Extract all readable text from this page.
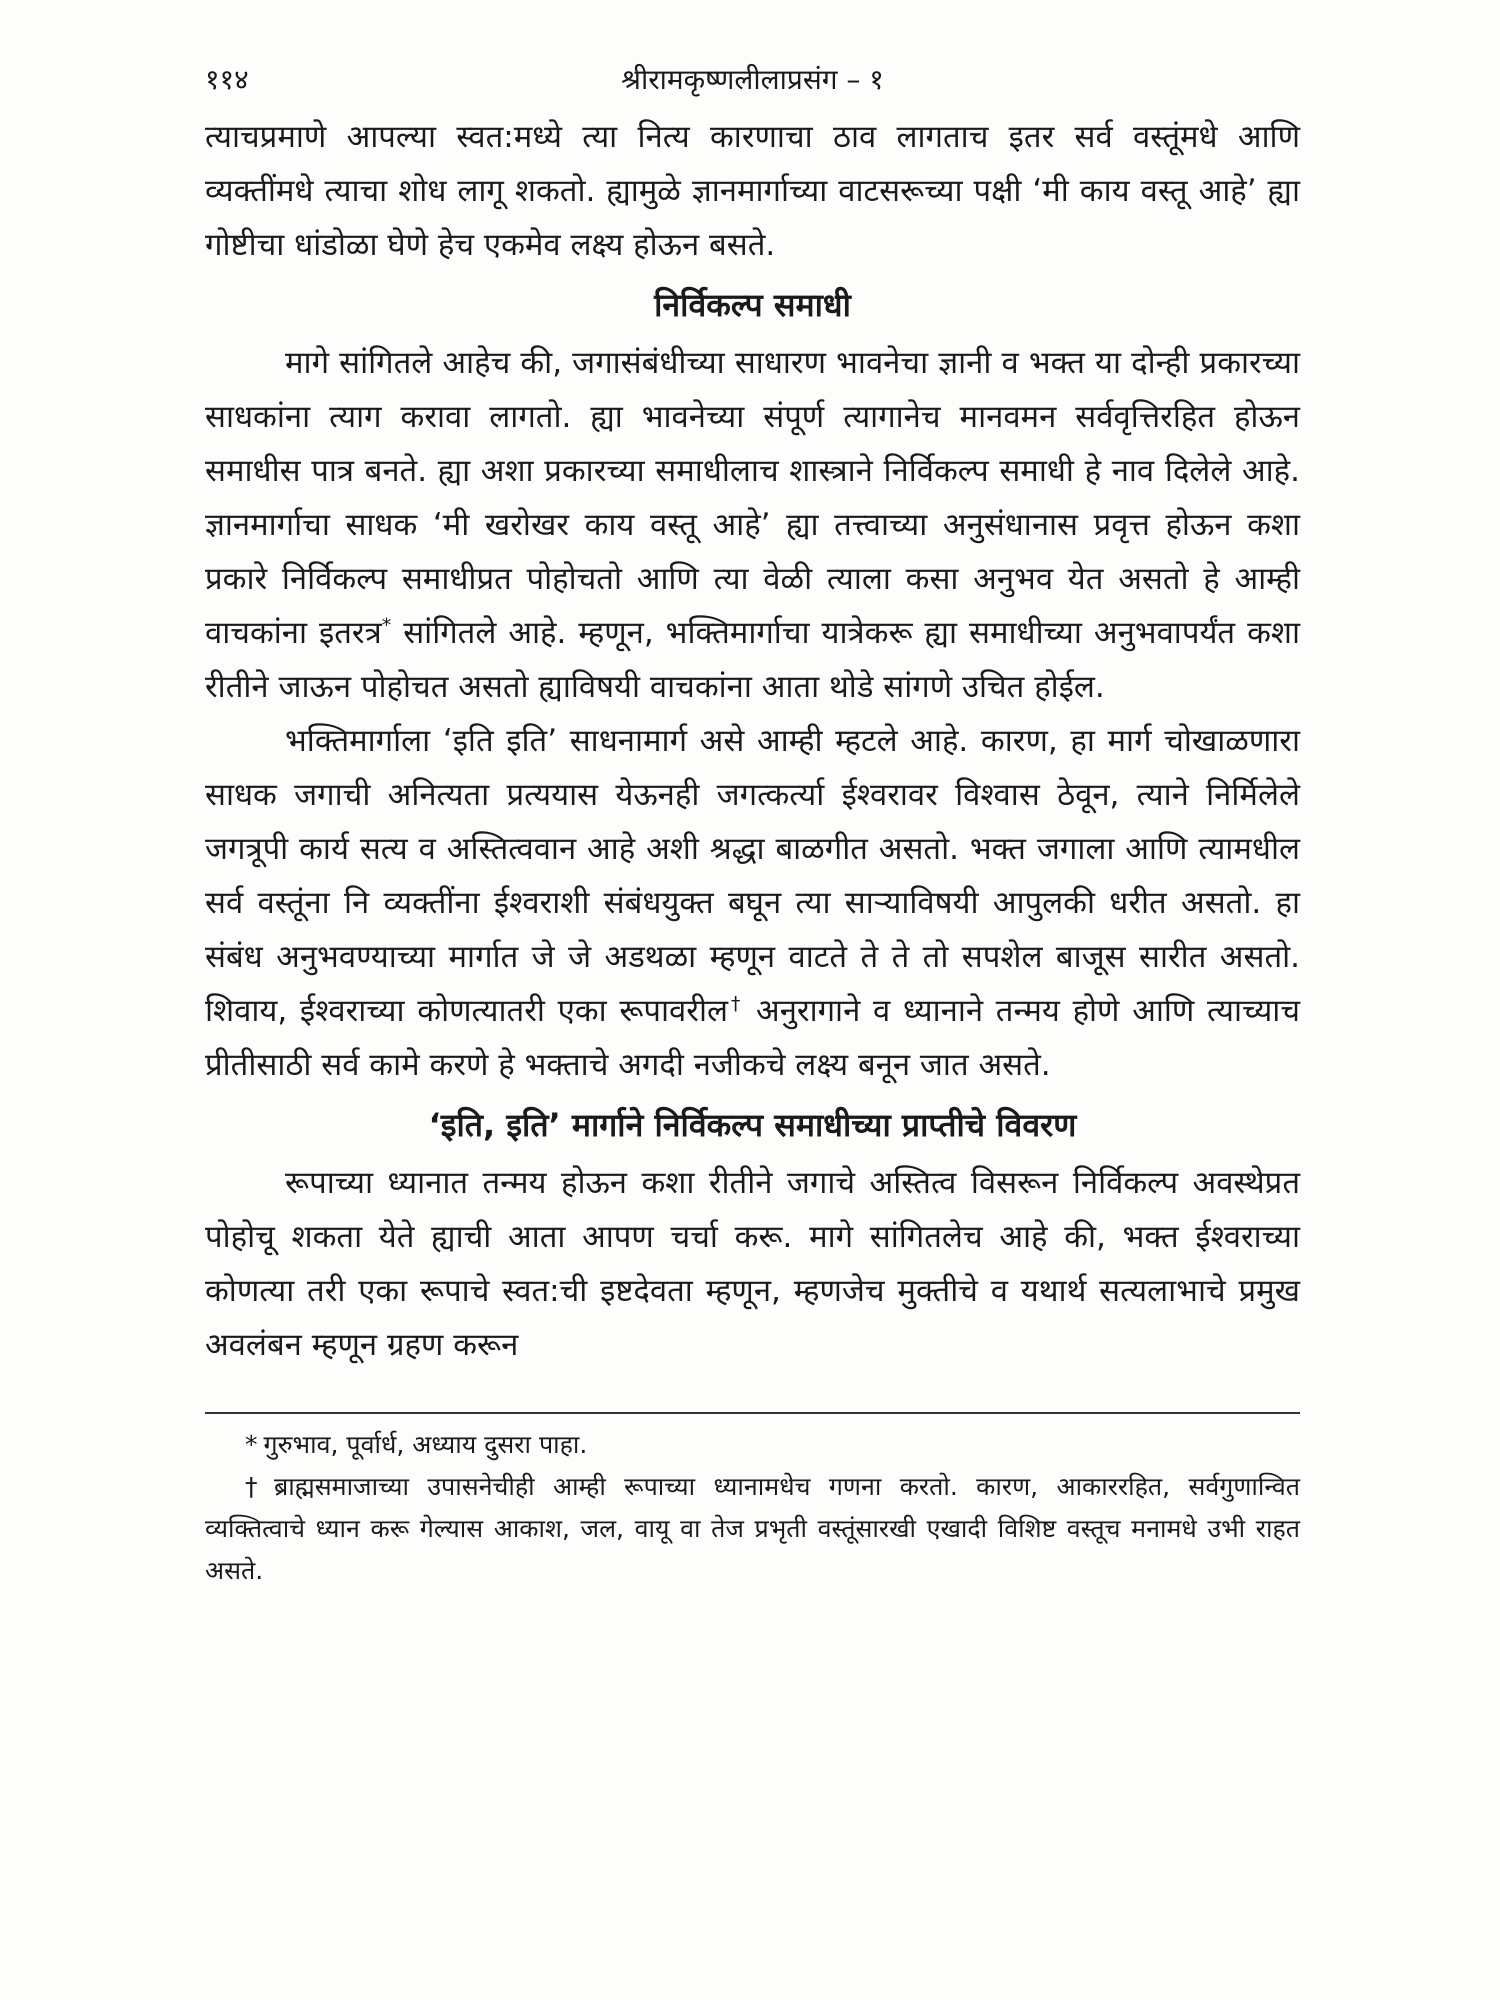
११४	श्रीरामकृष्णलीलाप्रसंग – १

त्याचप्रमाणे आपल्या स्वत:मध्ये त्या नित्य कारणाचा ठाव लागताच इतर सर्व वस्तूंमधे आणि व्यक्तींमधे त्याचा शोध लागू शकतो. ह्यामुळे ज्ञानमार्गाच्या वाटसरूच्या पक्षी ‘मी काय वस्तू आहे’ ह्या गोष्टीचा धांडोळा घेणे हेच एकमेव लक्ष्य होऊन बसते.

निर्विकल्प समाधी

मागे सांगितले आहेच की, जगासंबंधीच्या साधारण भावनेचा ज्ञानी व भक्त या दोन्ही प्रकारच्या साधकांना त्याग करावा लागतो. ह्या भावनेच्या संपूर्ण त्यागानेच मानवमन सर्ववृत्तिरहित होऊन समाधीस पात्र बनते. ह्या अशा प्रकारच्या समाधीलाच शास्त्राने निर्विकल्प समाधी हे नाव दिलेले आहे. ज्ञानमार्गाचा साधक ‘मी खरोखर काय वस्तू आहे’ ह्या तत्त्वाच्या अनुसंधानास प्रवृत्त होऊन कशा प्रकारे निर्विकल्प समाधीप्रत पोहोचतो आणि त्या वेळी त्याला कसा अनुभव येत असतो हे आम्ही वाचकांना इतरत्र* सांगितले आहे. म्हणून, भक्तिमार्गाचा यात्रेकरू ह्या समाधीच्या अनुभवापर्यंत कशा रीतीने जाऊन पोहोचत असतो ह्याविषयी वाचकांना आता थोडे सांगणे उचित होईल.

भक्तिमार्गाला ‘इति इति’ साधनामार्ग असे आम्ही म्हटले आहे. कारण, हा मार्ग चोखाळणारा साधक जगाची अनित्यता प्रत्ययास येऊनही जगत्कर्त्या ईश्वरावर विश्वास ठेवून, त्याने निर्मिलेले जगत्रूपी कार्य सत्य व अस्तित्ववान आहे अशी श्रद्धा बाळगीत असतो. भक्त जगाला आणि त्यामधील सर्व वस्तूंना नि व्यक्तींना ईश्वराशी संबंधयुक्त बघून त्या साऱ्याविषयी आपुलकी धरीत असतो. हा संबंध अनुभवण्याच्या मार्गात जे जे अडथळा म्हणून वाटते ते ते तो सपशेल बाजूस सारीत असतो. शिवाय, ईश्वराच्या कोणत्यातरी एका रूपावरील† अनुरागाने व ध्यानाने तन्मय होणे आणि त्याच्याच प्रीतीसाठी सर्व कामे करणे हे भक्ताचे अगदी नजीकचे लक्ष्य बनून जात असते.

‘इति, इति’ मार्गाने निर्विकल्प समाधीच्या प्राप्तीचे विवरण

रूपाच्या ध्यानात तन्मय होऊन कशा रीतीने जगाचे अस्तित्व विसरून निर्विकल्प अवस्थेप्रत पोहोचू शकता येते ह्याची आता आपण चर्चा करू. मागे सांगितलेच आहे की, भक्त ईश्वराच्या कोणत्या तरी एका रूपाचे स्वत:ची इष्टदेवता म्हणून, म्हणजेच मुक्तीचे व यथार्थ सत्यलाभाचे प्रमुख अवलंबन म्हणून ग्रहण करून

* गुरुभाव, पूर्वार्ध, अध्याय दुसरा पाहा.

† ब्राह्मसमाजाच्या उपासनेचीही आम्ही रूपाच्या ध्यानामधेच गणना करतो. कारण, आकाररहित, सर्वगुणान्वित व्यक्तित्वाचे ध्यान करू गेल्यास आकाश, जल, वायू वा तेज प्रभृती वस्तूंसारखी एखादी विशिष्ट वस्तूच मनामधे उभी राहत असते.
